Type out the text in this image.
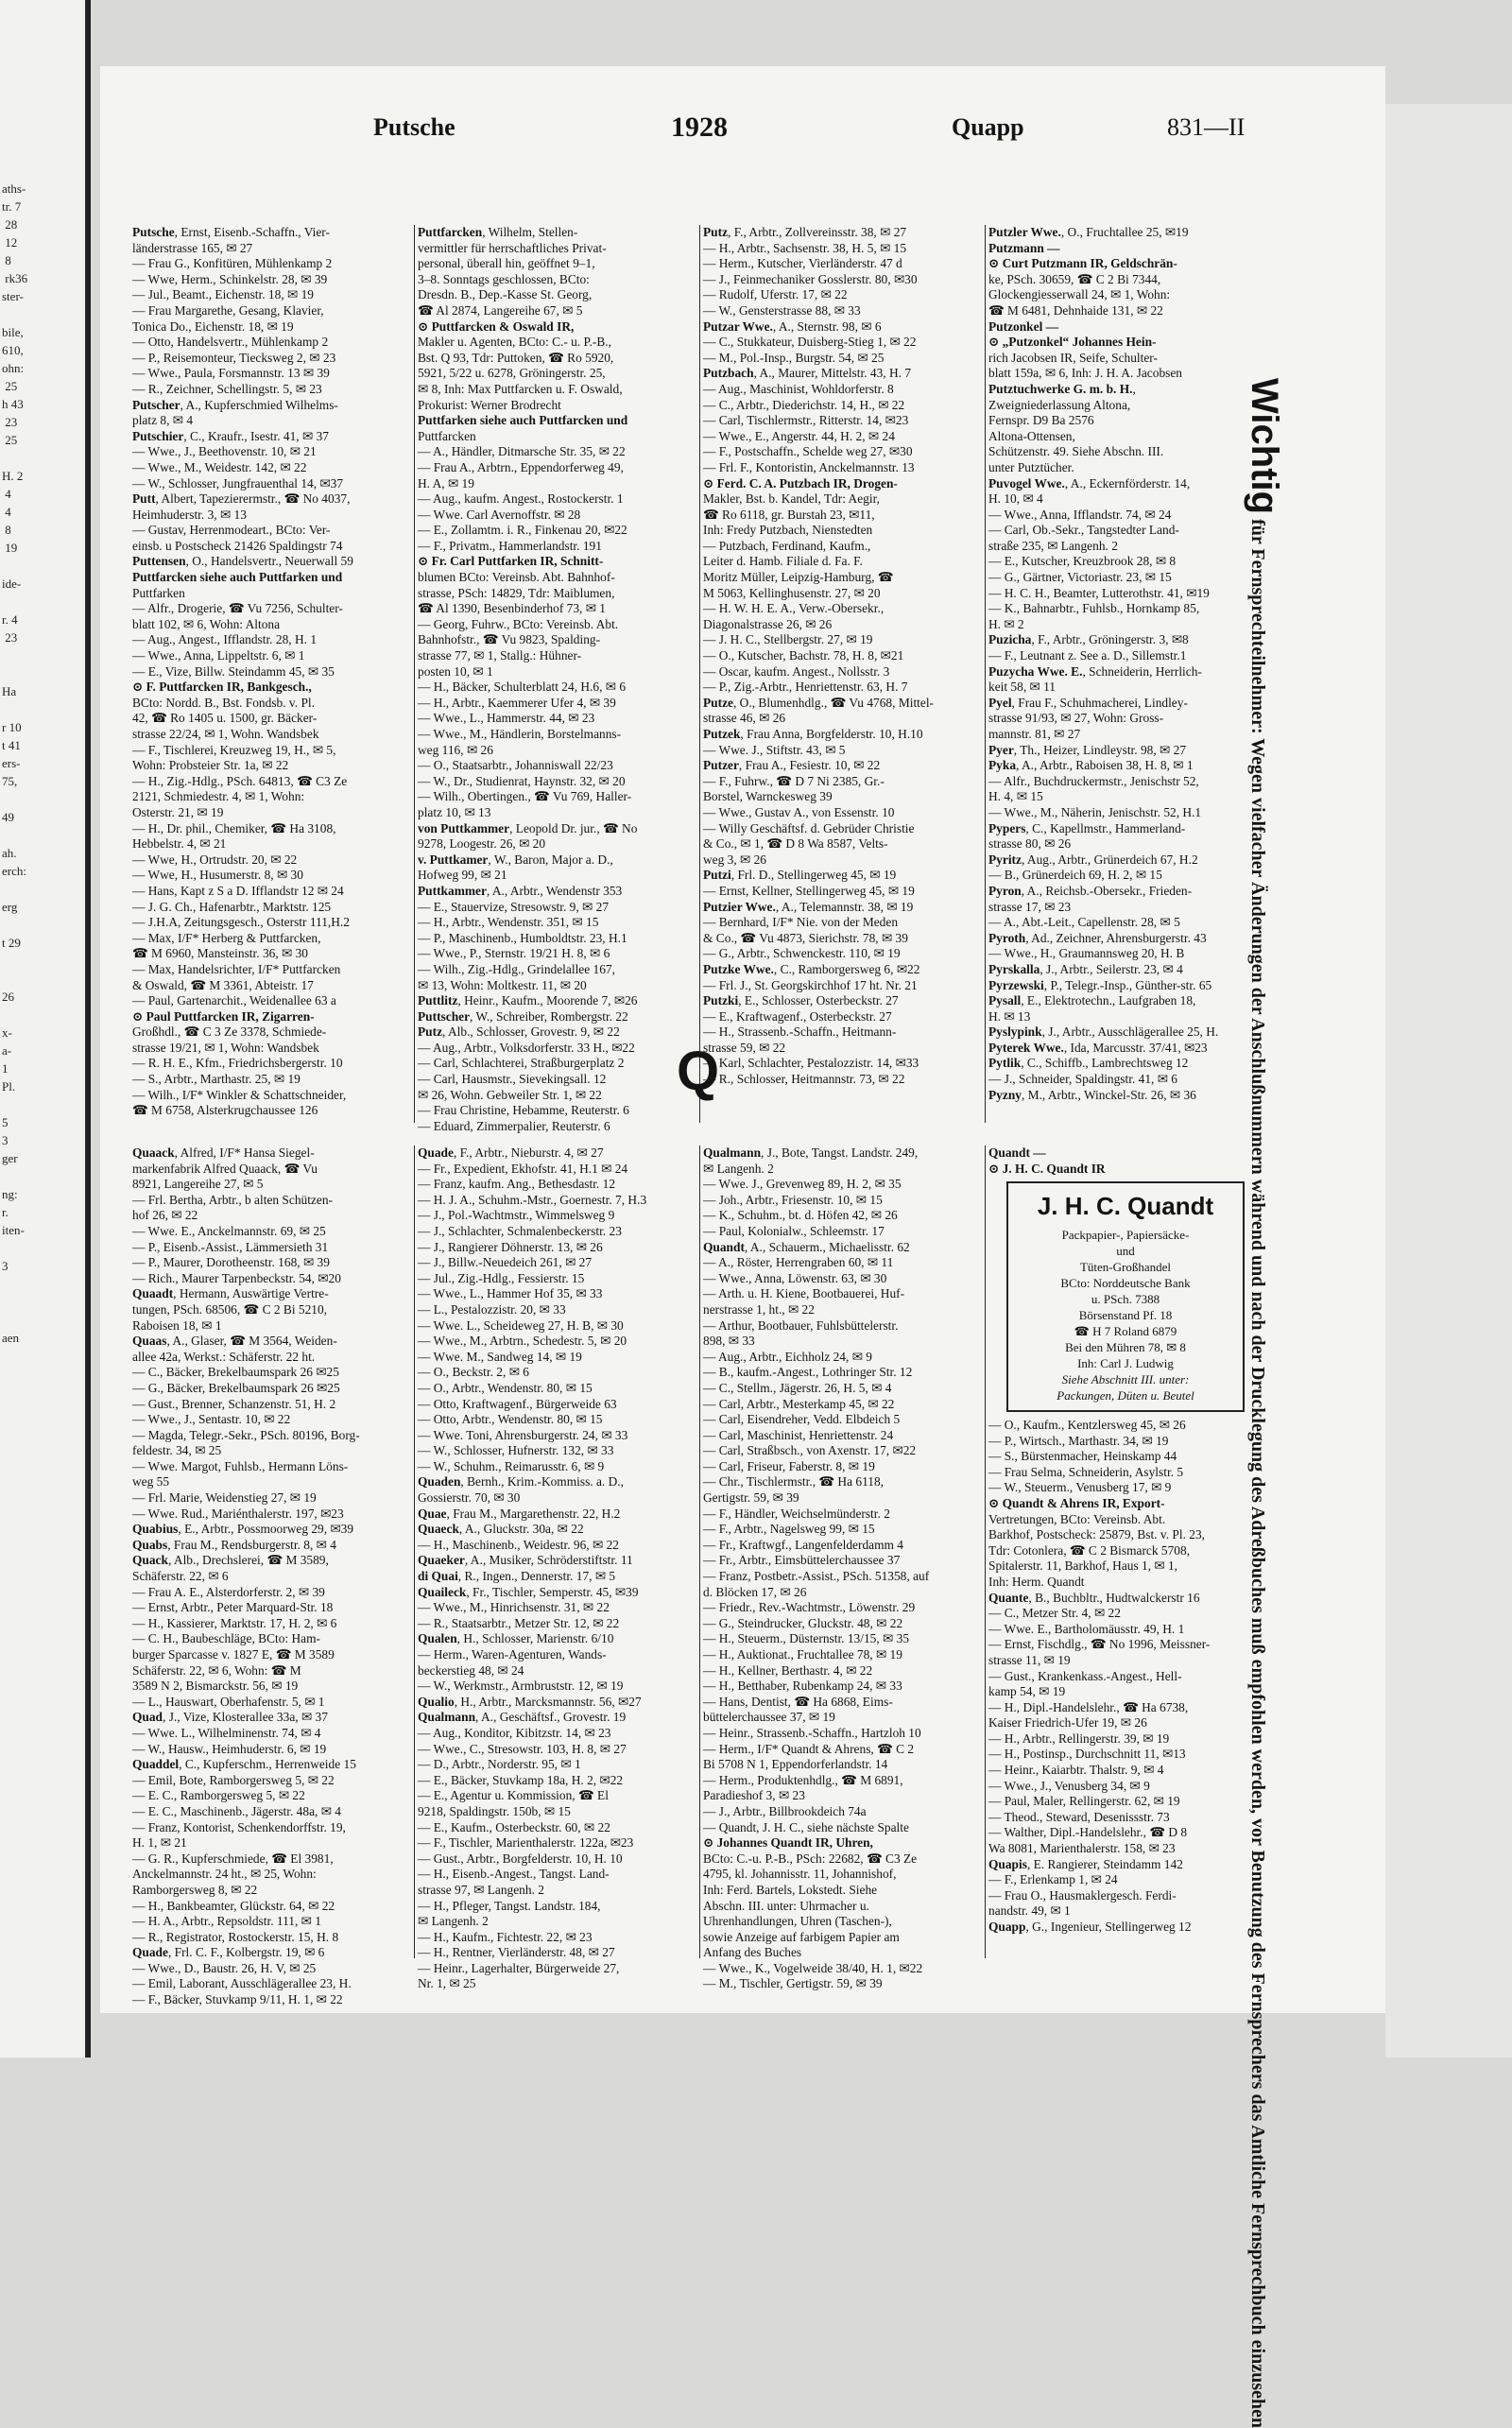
aths-
tr. 7
28
12
8
rk36
ster-
bile,
610,
ohn:
25
h 43
23
25
H. 2
4
4
8
19
ide-
r. 4
23
Ha
r 10
t 41
ers-
75,
49
ah.
erch:
erg
t 29
26
x-
a-
1
Pl.
5
3
ger
ng:
r.
iten-
3
aen
Putsche	1928	Quapp	831—II

Putsche, Ernst, Eisenb.-Schaffn., Vier-

länderstrasse 165, ✉ 27

— Frau G., Konfitüren, Mühlenkamp 2

— Wwe, Herm., Schinkelstr. 28, ✉ 39

— Jul., Beamt., Eichenstr. 18, ✉ 19

— Frau Margarethe, Gesang, Klavier,

Tonica Do., Eichenstr. 18, ✉ 19

— Otto, Handelsvertr., Mühlenkamp 2

— P., Reisemonteur, Tiecksweg 2, ✉ 23

— Wwe., Paula, Forsmannstr. 13 ✉ 39

— R., Zeichner, Schellingstr. 5, ✉ 23

Putscher, A., Kupferschmied Wilhelms-

platz 8, ✉ 4

Putschier, C., Kraufr., Isestr. 41, ✉ 37

— Wwe., J., Beethovenstr. 10, ✉ 21

— Wwe., M., Weidestr. 142, ✉ 22

— W., Schlosser, Jungfrauenthal 14, ✉37

Putt, Albert, Tapezierermstr., ☎ No 4037,

Heimhuderstr. 3, ✉ 13

— Gustav, Herrenmodeart., BCto: Ver-

einsb. u Postscheck 21426 Spaldingstr 74

Puttensen, O., Handelsvertr., Neuerwall 59

Puttfarcken siehe auch Puttfarken und

Puttfarken

— Alfr., Drogerie, ☎ Vu 7256, Schulter-

blatt 102, ✉ 6, Wohn: Altona

— Aug., Angest., Ifflandstr. 28, H. 1

— Wwe., Anna, Lippeltstr. 6, ✉ 1

— E., Vize, Billw. Steindamm 45, ✉ 35

⊙ F. Puttfarcken IR, Bankgesch.,

BCto: Nordd. B., Bst. Fondsb. v. Pl.

42, ☎ Ro 1405 u. 1500, gr. Bäcker-

strasse 22/24, ✉ 1, Wohn. Wandsbek

— F., Tischlerei, Kreuzweg 19, H., ✉ 5,

Wohn: Probsteier Str. 1a, ✉ 22

— H., Zig.-Hdlg., PSch. 64813, ☎ C3 Ze

2121, Schmiedestr. 4, ✉ 1, Wohn:

Osterstr. 21, ✉ 19

— H., Dr. phil., Chemiker, ☎ Ha 3108,

Hebbelstr. 4, ✉ 21

— Wwe, H., Ortrudstr. 20, ✉ 22

— Wwe, H., Husumerstr. 8, ✉ 30

— Hans, Kapt z S a D. Ifflandstr 12 ✉ 24

— J. G. Ch., Hafenarbtr., Marktstr. 125

— J.H.A, Zeitungsgesch., Osterstr 111,H.2

— Max, I/F* Herberg & Puttfarcken,

☎ M 6960, Mansteinstr. 36, ✉ 30

— Max, Handelsrichter, I/F* Puttfarcken

& Oswald, ☎ M 3361, Abteistr. 17

— Paul, Gartenarchit., Weidenallee 63 a

⊙ Paul Puttfarcken IR, Zigarren-

Großhdl., ☎ C 3 Ze 3378, Schmiede-

strasse 19/21, ✉ 1, Wohn: Wandsbek

— R. H. E., Kfm., Friedrichsbergerstr. 10

— S., Arbtr., Marthastr. 25, ✉ 19

— Wilh., I/F* Winkler & Schattschneider,

☎ M 6758, Alsterkrugchaussee 126

Puttfarcken, Wilhelm, Stellen-

vermittler für herrschaftliches Privat-

personal, überall hin, geöffnet 9–1,

3–8. Sonntags geschlossen, BCto:

Dresdn. B., Dep.-Kasse St. Georg,

☎ Al 2874, Langereihe 67, ✉ 5

⊙ Puttfarcken & Oswald IR,

Makler u. Agenten, BCto: C.- u. P.-B.,

Bst. Q 93, Tdr: Puttoken, ☎ Ro 5920,

5921, 5/22 u. 6278, Gröningerstr. 25,

✉ 8, Inh: Max Puttfarcken u. F. Oswald,

Prokurist: Werner Brodrecht

Puttfarken siehe auch Puttfarcken und

Puttfarcken

— A., Händler, Ditmarsche Str. 35, ✉ 22

— Frau A., Arbtrn., Eppendorferweg 49,

H. A, ✉ 19

— Aug., kaufm. Angest., Rostockerstr. 1

— Wwe. Carl Avernoffstr. ✉ 28

— E., Zollamtm. i. R., Finkenau 20, ✉22

— F., Privatm., Hammerlandstr. 191

⊙ Fr. Carl Puttfarken IR, Schnitt-

blumen BCto: Vereinsb. Abt. Bahnhof-

strasse, PSch: 14829, Tdr: Maiblumen,

☎ Al 1390, Besenbinderhof 73, ✉ 1

— Georg, Fuhrw., BCto: Vereinsb. Abt.

Bahnhofstr., ☎ Vu 9823, Spalding-

strasse 77, ✉ 1, Stallg.: Hühner-

posten 10, ✉ 1

— H., Bäcker, Schulterblatt 24, H.6, ✉ 6

— H., Arbtr., Kaemmerer Ufer 4, ✉ 39

— Wwe., L., Hammerstr. 44, ✉ 23

— Wwe., M., Händlerin, Borstelmanns-

weg 116, ✉ 26

— O., Staatsarbtr., Johanniswall 22/23

— W., Dr., Studienrat, Haynstr. 32, ✉ 20

— Wilh., Obertingen., ☎ Vu 769, Haller-

platz 10, ✉ 13

von Puttkammer, Leopold Dr. jur., ☎ No

9278, Loogestr. 26, ✉ 20

v. Puttkamer, W., Baron, Major a. D.,

Hofweg 99, ✉ 21

Puttkammer, A., Arbtr., Wendenstr 353

— E., Stauervize, Stresowstr. 9, ✉ 27

— H., Arbtr., Wendenstr. 351, ✉ 15

— P., Maschinenb., Humboldtstr. 23, H.1

— Wwe., P., Sternstr. 19/21 H. 8, ✉ 6

— Wilh., Zig.-Hdlg., Grindelallee 167,

✉ 13, Wohn: Moltkestr. 11, ✉ 20

Puttlitz, Heinr., Kaufm., Moorende 7, ✉26

Puttscher, W., Schreiber, Rombergstr. 22

Putz, Alb., Schlosser, Grovestr. 9, ✉ 22

— Aug., Arbtr., Volksdorferstr. 33 H., ✉22

— Carl, Schlachterei, Straßburgerplatz 2

— Carl, Hausmstr., Sievekingsall. 12

✉ 26, Wohn. Gebweiler Str. 1, ✉ 22

— Frau Christine, Hebamme, Reuterstr. 6

— Eduard, Zimmerpalier, Reuterstr. 6

Putz, F., Arbtr., Zollvereinsstr. 38, ✉ 27

— H., Arbtr., Sachsenstr. 38, H. 5, ✉ 15

— Herm., Kutscher, Vierländerstr. 47 d

— J., Feinmechaniker Gosslerstr. 80, ✉30

— Rudolf, Uferstr. 17, ✉ 22

— W., Gensterstrasse 88, ✉ 33

Putzar Wwe., A., Sternstr. 98, ✉ 6

— C., Stukkateur, Duisberg-Stieg 1, ✉ 22

— M., Pol.-Insp., Burgstr. 54, ✉ 25

Putzbach, A., Maurer, Mittelstr. 43, H. 7

— Aug., Maschinist, Wohldorferstr. 8

— C., Arbtr., Diederichstr. 14, H., ✉ 22

— Carl, Tischlermstr., Ritterstr. 14, ✉23

— Wwe., E., Angerstr. 44, H. 2, ✉ 24

— F., Postschaffn., Schelde weg 27, ✉30

— Frl. F., Kontoristin, Anckelmannstr. 13

⊙ Ferd. C. A. Putzbach IR, Drogen-

Makler, Bst. b. Kandel, Tdr: Aegir,

☎ Ro 6118, gr. Burstah 23, ✉11,

Inh: Fredy Putzbach, Nienstedten

— Putzbach, Ferdinand, Kaufm.,

Leiter d. Hamb. Filiale d. Fa. F.

Moritz Müller, Leipzig-Hamburg, ☎

M 5063, Kellinghusenstr. 27, ✉ 20

— H. W. H. E. A., Verw.-Obersekr.,

Diagonalstrasse 26, ✉ 26

— J. H. C., Stellbergstr. 27, ✉ 19

— O., Kutscher, Bachstr. 78, H. 8, ✉21

— Oscar, kaufm. Angest., Nollsstr. 3

— P., Zig.-Arbtr., Henriettenstr. 63, H. 7

Putze, O., Blumenhdlg., ☎ Vu 4768, Mittel-

strasse 46, ✉ 26

Putzek, Frau Anna, Borgfelderstr. 10, H.10

— Wwe. J., Stiftstr. 43, ✉ 5

Putzer, Frau A., Fesiestr. 10, ✉ 22

— F., Fuhrw., ☎ D 7 Ni 2385, Gr.-

Borstel, Warnckesweg 39

— Wwe., Gustav A., von Essenstr. 10

— Willy Geschäftsf. d. Gebrüder Christie

& Co., ✉ 1, ☎ D 8 Wa 8587, Velts-

weg 3, ✉ 26

Putzi, Frl. D., Stellingerweg 45, ✉ 19

— Ernst, Kellner, Stellingerweg 45, ✉ 19

Putzier Wwe., A., Telemannstr. 38, ✉ 19

— Bernhard, I/F* Nie. von der Meden

& Co., ☎ Vu 4873, Sierichstr. 78, ✉ 39

— G., Arbtr., Schwenckestr. 110, ✉ 19

Putzke Wwe., C., Ramborgersweg 6, ✉22

— Frl. J., St. Georgskirchhof 17 ht. Nr. 21

Putzki, E., Schlosser, Osterbeckstr. 27

— E., Kraftwagenf., Osterbeckstr. 27

— H., Strassenb.-Schaffn., Heitmann-

strasse 59, ✉ 22

— Karl, Schlachter, Pestalozzistr. 14, ✉33

— R., Schlosser, Heitmannstr. 73, ✉ 22

Putzler Wwe., O., Fruchtallee 25, ✉19

Putzmann —

⊙ Curt Putzmann IR, Geldschrän-

ke, PSch. 30659, ☎ C 2 Bi 7344,

Glockengiesserwall 24, ✉ 1, Wohn:

☎ M 6481, Dehnhaide 131, ✉ 22

Putzonkel —

⊙ „Putzonkel“ Johannes Hein-

rich Jacobsen IR, Seife, Schulter-

blatt 159a, ✉ 6, Inh: J. H. A. Jacobsen

Putztuchwerke G. m. b. H.,

Zweigniederlassung Altona,

Fernspr. D9 Ba 2576

Altona-Ottensen,

Schützenstr. 49. Siehe Abschn. III.

unter Putztücher.

Puvogel Wwe., A., Eckernförderstr. 14,

H. 10, ✉ 4

— Wwe., Anna, Ifflandstr. 74, ✉ 24

— Carl, Ob.-Sekr., Tangstedter Land-

straße 235, ✉ Langenh. 2

— E., Kutscher, Kreuzbrook 28, ✉ 8

— G., Gärtner, Victoriastr. 23, ✉ 15

— H. C. H., Beamter, Lutterothstr. 41, ✉19

— K., Bahnarbtr., Fuhlsb., Hornkamp 85,

H. ✉ 2

Puzicha, F., Arbtr., Gröningerstr. 3, ✉8

— F., Leutnant z. See a. D., Sillemstr.1

Puzycha Wwe. E., Schneiderin, Herrlich-

keit 58, ✉ 11

Pyel, Frau F., Schuhmacherei, Lindley-

strasse 91/93, ✉ 27, Wohn: Gross-

mannstr. 81, ✉ 27

Pyer, Th., Heizer, Lindleystr. 98, ✉ 27

Pyka, A., Arbtr., Raboisen 38, H. 8, ✉ 1

— Alfr., Buchdruckermstr., Jenischstr 52,

H. 4, ✉ 15

— Wwe., M., Näherin, Jenischstr. 52, H.1

Pypers, C., Kapellmstr., Hammerland-

strasse 80, ✉ 26

Pyritz, Aug., Arbtr., Grünerdeich 67, H.2

— B., Grünerdeich 69, H. 2, ✉ 15

Pyron, A., Reichsb.-Obersekr., Frieden-

strasse 17, ✉ 23

— A., Abt.-Leit., Capellenstr. 28, ✉ 5

Pyroth, Ad., Zeichner, Ahrensburgerstr. 43

— Wwe., H., Graumannsweg 20, H. B

Pyrskalla, J., Arbtr., Seilerstr. 23, ✉ 4

Pyrzewski, P., Telegr.-Insp., Günther-str. 65

Pysall, E., Elektrotechn., Laufgraben 18,

H. ✉ 13

Pyslypink, J., Arbtr., Ausschlägerallee 25, H.

Pyterek Wwe., Ida, Marcusstr. 37/41, ✉23

Pytlik, C., Schiffb., Lambrechtsweg 12

— J., Schneider, Spaldingstr. 41, ✉ 6

Pyzny, M., Arbtr., Winckel-Str. 26, ✉ 36

Q

Quaack, Alfred, I/F* Hansa Siegel-

markenfabrik Alfred Quaack, ☎ Vu

8921, Langereihe 27, ✉ 5

— Frl. Bertha, Arbtr., b alten Schützen-

hof 26, ✉ 22

— Wwe. E., Anckelmannstr. 69, ✉ 25

— P., Eisenb.-Assist., Lämmersieth 31

— P., Maurer, Dorotheenstr. 168, ✉ 39

— Rich., Maurer Tarpenbeckstr. 54, ✉20

Quaadt, Hermann, Auswärtige Vertre-

tungen, PSch. 68506, ☎ C 2 Bi 5210,

Raboisen 18, ✉ 1

Quaas, A., Glaser, ☎ M 3564, Weiden-

allee 42a, Werkst.: Schäferstr. 22 ht.

— C., Bäcker, Brekelbaumspark 26 ✉25

— G., Bäcker, Brekelbaumspark 26 ✉25

— Gust., Brenner, Schanzenstr. 51, H. 2

— Wwe., J., Sentastr. 10, ✉ 22

— Magda, Telegr.-Sekr., PSch. 80196, Borg-

feldestr. 34, ✉ 25

— Wwe. Margot, Fuhlsb., Hermann Löns-

weg 55

— Frl. Marie, Weidenstieg 27, ✉ 19

— Wwe. Rud., Mariénthalerstr. 197, ✉23

Quabius, E., Arbtr., Possmoorweg 29, ✉39

Quabs, Frau M., Rendsburgerstr. 8, ✉ 4

Quack, Alb., Drechslerei, ☎ M 3589,

Schäferstr. 22, ✉ 6

— Frau A. E., Alsterdorferstr. 2, ✉ 39

— Ernst, Arbtr., Peter Marquard-Str. 18

— H., Kassierer, Marktstr. 17, H. 2, ✉ 6

— C. H., Baubeschläge, BCto: Ham-

burger Sparcasse v. 1827 E, ☎ M 3589

Schäferstr. 22, ✉ 6, Wohn: ☎ M

3589 N 2, Bismarckstr. 56, ✉ 19

— L., Hauswart, Oberhafenstr. 5, ✉ 1

Quad, J., Vize, Klosterallee 33a, ✉ 37

— Wwe. L., Wilhelminenstr. 74, ✉ 4

— W., Hausw., Heimhuderstr. 6, ✉ 19

Quaddel, C., Kupferschm., Herrenweide 15

— Emil, Bote, Ramborgersweg 5, ✉ 22

— E. C., Ramborgersweg 5, ✉ 22

— E. C., Maschinenb., Jägerstr. 48a, ✉ 4

— Franz, Kontorist, Schenkendorffstr. 19,

H. 1, ✉ 21

— G. R., Kupferschmiede, ☎ El 3981,

Anckelmannstr. 24 ht., ✉ 25, Wohn:

Ramborgersweg 8, ✉ 22

— H., Bankbeamter, Glückstr. 64, ✉ 22

— H. A., Arbtr., Repsoldstr. 111, ✉ 1

— R., Registrator, Rostockerstr. 15, H. 8

Quade, Frl. C. F., Kolbergstr. 19, ✉ 6

— Wwe., D., Baustr. 26, H. V, ✉ 25

— Emil, Laborant, Ausschlägerallee 23, H.

— F., Bäcker, Stuvkamp 9/11, H. 1, ✉ 22

Quade, F., Arbtr., Nieburstr. 4, ✉ 27

— Fr., Expedient, Ekhofstr. 41, H.1 ✉ 24

— Franz, kaufm. Ang., Bethesdastr. 12

— H. J. A., Schuhm.-Mstr., Goernestr. 7, H.3

— J., Pol.-Wachtmstr., Wimmelsweg 9

— J., Schlachter, Schmalenbeckerstr. 23

— J., Rangierer Döhnerstr. 13, ✉ 26

— J., Billw.-Neuedeich 261, ✉ 27

— Jul., Zig.-Hdlg., Fessierstr. 15

— Wwe., L., Hammer Hof 35, ✉ 33

— L., Pestalozzistr. 20, ✉ 33

— Wwe. L., Scheideweg 27, H. B, ✉ 30

— Wwe., M., Arbtrn., Schedestr. 5, ✉ 20

— Wwe. M., Sandweg 14, ✉ 19

— O., Beckstr. 2, ✉ 6

— O., Arbtr., Wendenstr. 80, ✉ 15

— Otto, Kraftwagenf., Bürgerweide 63

— Otto, Arbtr., Wendenstr. 80, ✉ 15

— Wwe. Toni, Ahrensburgerstr. 24, ✉ 33

— W., Schlosser, Hufnerstr. 132, ✉ 33

— W., Schuhm., Reimarusstr. 6, ✉ 9

Quaden, Bernh., Krim.-Kommiss. a. D.,

Gossierstr. 70, ✉ 30

Quae, Frau M., Margarethenstr. 22, H.2

Quaeck, A., Gluckstr. 30a, ✉ 22

— H., Maschinenb., Weidestr. 96, ✉ 22

Quaeker, A., Musiker, Schröderstiftstr. 11

di Quai, R., Ingen., Dennerstr. 17, ✉ 5

Quaileck, Fr., Tischler, Semperstr. 45, ✉39

— Wwe., M., Hinrichsenstr. 31, ✉ 22

— R., Staatsarbtr., Metzer Str. 12, ✉ 22

Qualen, H., Schlosser, Marienstr. 6/10

— Herm., Waren-Agenturen, Wands-

beckerstieg 48, ✉ 24

— W., Werkmstr., Armbruststr. 12, ✉ 19

Qualio, H., Arbtr., Marcksmannstr. 56, ✉27

Qualmann, A., Geschäftsf., Grovestr. 19

— Aug., Konditor, Kibitzstr. 14, ✉ 23

— Wwe., C., Stresowstr. 103, H. 8, ✉ 27

— D., Arbtr., Norderstr. 95, ✉ 1

— E., Bäcker, Stuvkamp 18a, H. 2, ✉22

— E., Agentur u. Kommission, ☎ El

9218, Spaldingstr. 150b, ✉ 15

— E., Kaufm., Osterbeckstr. 60, ✉ 22

— F., Tischler, Marienthalerstr. 122a, ✉23

— Gust., Arbtr., Borgfelderstr. 10, H. 10

— H., Eisenb.-Angest., Tangst. Land-

strasse 97, ✉ Langenh. 2

— H., Pfleger, Tangst. Landstr. 184,

✉ Langenh. 2

— H., Kaufm., Fichtestr. 22, ✉ 23

— H., Rentner, Vierländerstr. 48, ✉ 27

— Heinr., Lagerhalter, Bürgerweide 27,

Nr. 1, ✉ 25

Qualmann, J., Bote, Tangst. Landstr. 249,

✉ Langenh. 2

— Wwe. J., Grevenweg 89, H. 2, ✉ 35

— Joh., Arbtr., Friesenstr. 10, ✉ 15

— K., Schuhm., bt. d. Höfen 42, ✉ 26

— Paul, Kolonialw., Schleemstr. 17

Quandt, A., Schauerm., Michaelisstr. 62

— A., Röster, Herrengraben 60, ✉ 11

— Wwe., Anna, Löwenstr. 63, ✉ 30

— Arth. u. H. Kiene, Bootbauerei, Huf-

nerstrasse 1, ht., ✉ 22

— Arthur, Bootbauer, Fuhlsbüttelerstr.

898, ✉ 33

— Aug., Arbtr., Eichholz 24, ✉ 9

— B., kaufm.-Angest., Lothringer Str. 12

— C., Stellm., Jägerstr. 26, H. 5, ✉ 4

— Carl, Arbtr., Mesterkamp 45, ✉ 22

— Carl, Eisendreher, Vedd. Elbdeich 5

— Carl, Maschinist, Henriettenstr. 24

— Carl, Straßbsch., von Axenstr. 17, ✉22

— Carl, Friseur, Faberstr. 8, ✉ 19

— Chr., Tischlermstr., ☎ Ha 6118,

Gertigstr. 59, ✉ 39

— F., Händler, Weichselmünderstr. 2

— F., Arbtr., Nagelsweg 99, ✉ 15

— Fr., Kraftwgf., Langenfelderdamm 4

— Fr., Arbtr., Eimsbüttelerchaussee 37

— Franz, Postbetr.-Assist., PSch. 51358, auf

d. Blöcken 17, ✉ 26

— Friedr., Rev.-Wachtmstr., Löwenstr. 29

— G., Steindrucker, Gluckstr. 48, ✉ 22

— H., Steuerm., Düsternstr. 13/15, ✉ 35

— H., Auktionat., Fruchtallee 78, ✉ 19

— H., Kellner, Berthastr. 4, ✉ 22

— H., Betthaber, Rubenkamp 24, ✉ 33

— Hans, Dentist, ☎ Ha 6868, Eims-

büttelerchaussee 37, ✉ 19

— Heinr., Strassenb.-Schaffn., Hartzloh 10

— Herm., I/F* Quandt & Ahrens, ☎ C 2

Bi 5708 N 1, Eppendorferlandstr. 14

— Herm., Produktenhdlg., ☎ M 6891,

Paradieshof 3, ✉ 23

— J., Arbtr., Billbrookdeich 74a

— Quandt, J. H. C., siehe nächste Spalte

⊙ Johannes Quandt IR, Uhren,

BCto: C.-u. P.-B., PSch: 22682, ☎ C3 Ze

4795, kl. Johannisstr. 11, Johannishof,

Inh: Ferd. Bartels, Lokstedt. Siehe

Abschn. III. unter: Uhrmacher u.

Uhrenhandlungen, Uhren (Taschen-),

sowie Anzeige auf farbigem Papier am

Anfang des Buches

— Wwe., K., Vogelweide 38/40, H. 1, ✉22

— M., Tischler, Gertigstr. 59, ✉ 39

Quandt —

⊙ J. H. C. Quandt IR

J. H. C. Quandt
Packpapier-, Papiersäcke-
und
Tüten-Großhandel
BCto: Norddeutsche Bank
u. PSch. 7388
Börsenstand Pf. 18
☎ H 7 Roland 6879
Bei den Mühren 78, ✉ 8
Inh: Carl J. Ludwig
Siehe Abschnitt III. unter:
Packungen, Düten u. Beutel

— O., Kaufm., Kentzlersweg 45, ✉ 26

— P., Wirtsch., Marthastr. 34, ✉ 19

— S., Bürstenmacher, Heinskamp 44

— Frau Selma, Schneiderin, Asylstr. 5

— W., Steuerm., Venusberg 17, ✉ 9

⊙ Quandt & Ahrens IR, Export-

Vertretungen, BCto: Vereinsb. Abt.

Barkhof, Postscheck: 25879, Bst. v. Pl. 23,

Tdr: Cotonlera, ☎ C 2 Bismarck 5708,

Spitalerstr. 11, Barkhof, Haus 1, ✉ 1,

Inh: Herm. Quandt

Quante, B., Buchbltr., Hudtwalckerstr 16

— C., Metzer Str. 4, ✉ 22

— Wwe. E., Bartholomäusstr. 49, H. 1

— Ernst, Fischdlg., ☎ No 1996, Meissner-

strasse 11, ✉ 19

— Gust., Krankenkass.-Angest., Hell-

kamp 54, ✉ 19

— H., Dipl.-Handelslehr., ☎ Ha 6738,

Kaiser Friedrich-Ufer 19, ✉ 26

— H., Arbtr., Rellingerstr. 39, ✉ 19

— H., Postinsp., Durchschnitt 11, ✉13

— Heinr., Kaiarbtr. Thalstr. 9, ✉ 4

— Wwe., J., Venusberg 34, ✉ 9

— Paul, Maler, Rellingerstr. 62, ✉ 19

— Theod., Steward, Desenissstr. 73

— Walther, Dipl.-Handelslehr., ☎ D 8

Wa 8081, Marienthalerstr. 158, ✉ 23

Quapis, E. Rangierer, Steindamm 142

— F., Erlenkamp 1, ✉ 24

— Frau O., Hausmaklergesch. Ferdi-

nandstr. 49, ✉ 1

Quapp, G., Ingenieur, Stellingerweg 12

Wichtig für Fernsprechteilnehmer: Wegen vielfacher Änderungen der Anschlußnummern während und nach der Drucklegung des Adreßbuches muß empfohlen werden, vor Benutzung des Fernsprechers das Amtliche Fernsprechbuch einzusehen
